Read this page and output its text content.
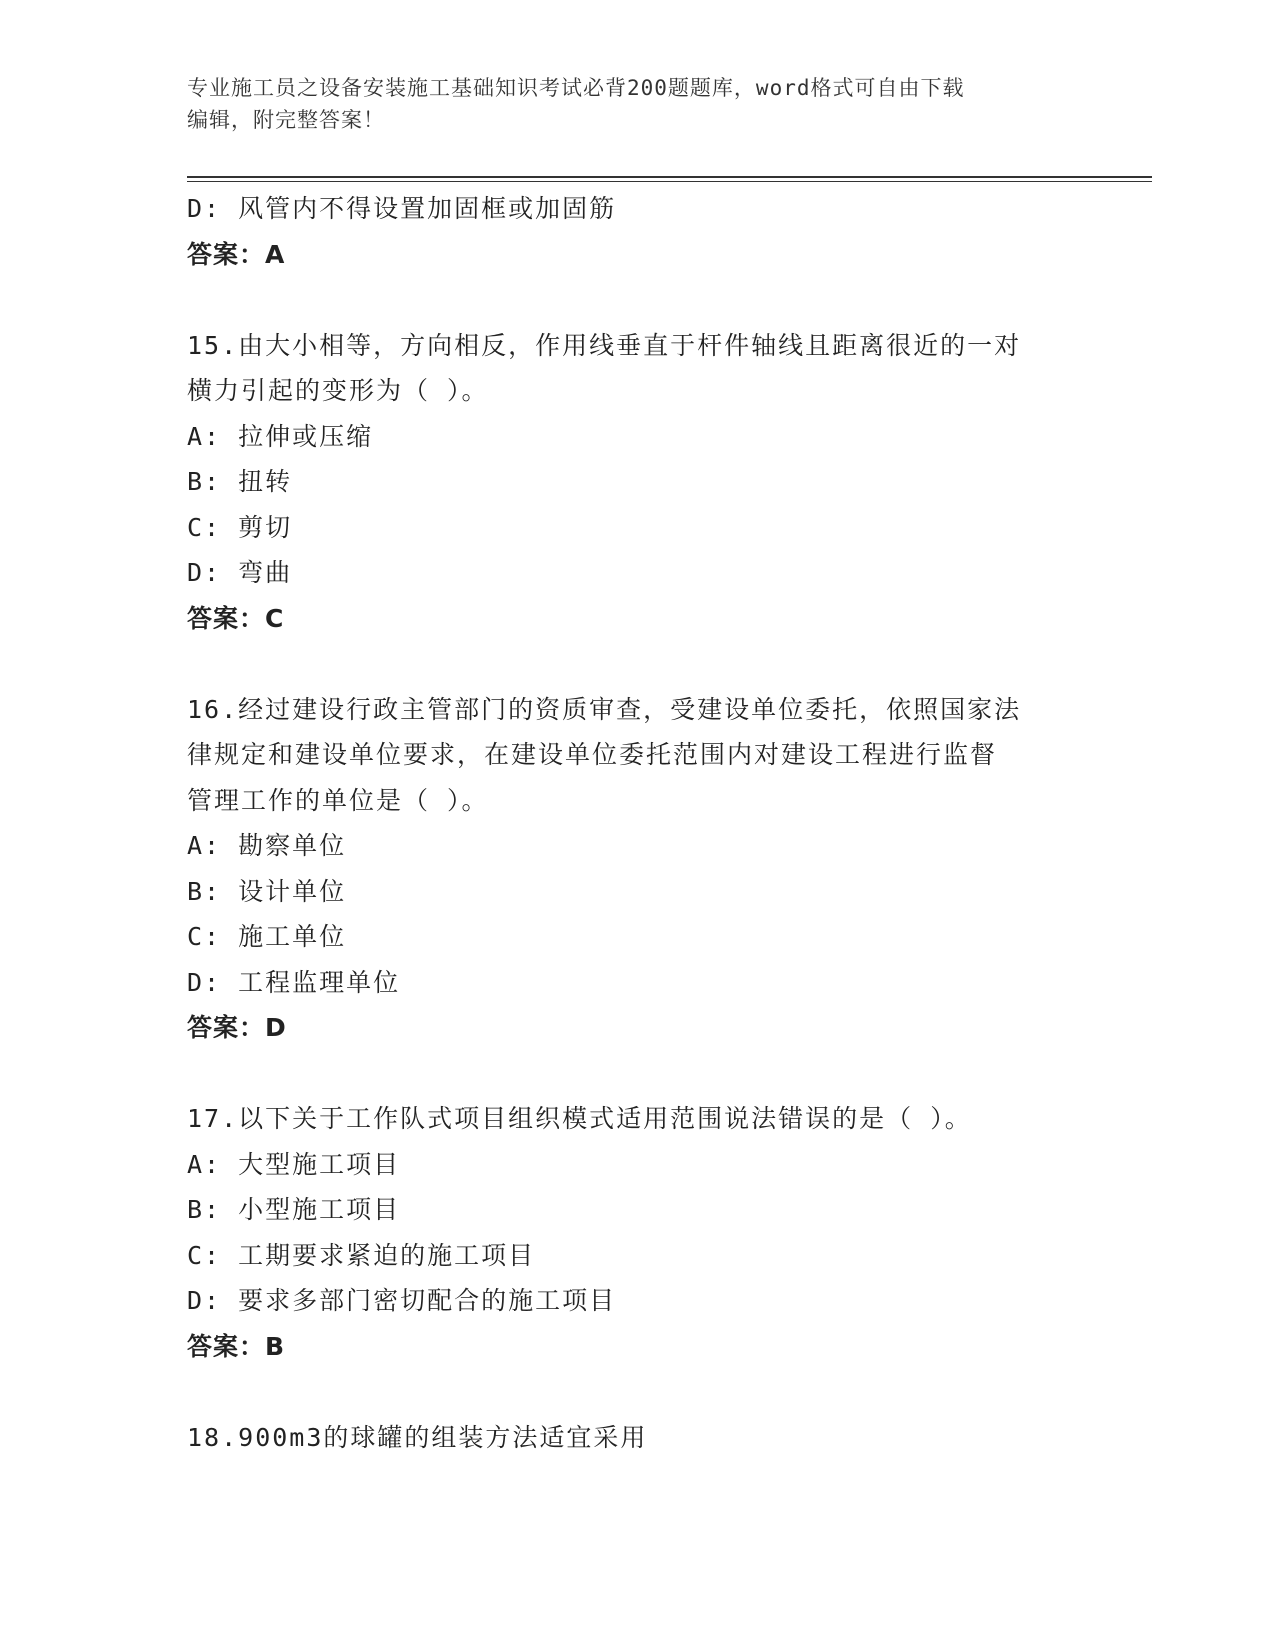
专业施工员之设备安装施工基础知识考试必背200题题库，word格式可自由下载
编辑，附完整答案！
D: 风管内不得设置加固框或加固筋
答案：A
15.由大小相等，方向相反，作用线垂直于杆件轴线且距离很近的一对
横力引起的变形为（ ）。
A: 拉伸或压缩
B: 扭转
C: 剪切
D: 弯曲
答案：C
16.经过建设行政主管部门的资质审查，受建设单位委托，依照国家法
律规定和建设单位要求，在建设单位委托范围内对建设工程进行监督
管理工作的单位是（ ）。
A: 勘察单位
B: 设计单位
C: 施工单位
D: 工程监理单位
答案：D
17.以下关于工作队式项目组织模式适用范围说法错误的是（ ）。
A: 大型施工项目
B: 小型施工项目
C: 工期要求紧迫的施工项目
D: 要求多部门密切配合的施工项目
答案：B
18.900m3的球罐的组装方法适宜采用
